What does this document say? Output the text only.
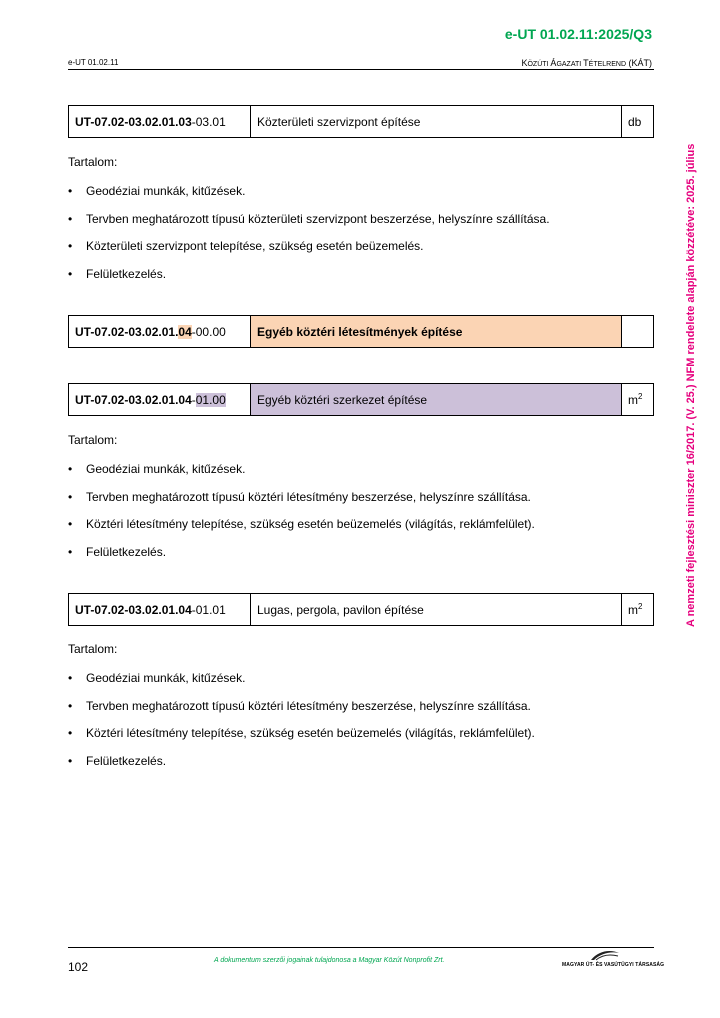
e-UT 01.02.11:2025/Q3
e-UT 01.02.11	KÖZÚTI ÁGAZATI TÉTELREND (KÁT)
A nemzeti fejlesztési miniszter 16/2017. (V. 25.) NFM rendelete alapján közzétéve: 2025. július
UT-07.02-03.02.01.03-03.01	Közterületi szervizpont építése	db

Tartalom:

• Geodéziai munkák, kitűzések.
• Tervben meghatározott típusú közterületi szervizpont beszerzése, helyszínre szállítása.
• Közterületi szervizpont telepítése, szükség esetén beüzemelés.
• Felületkezelés.
UT-07.02-03.02.01.04-00.00	Egyéb köztéri létesítmények építése	
UT-07.02-03.02.01.04-01.00	Egyéb köztéri szerkezet építése	$m^2$

Tartalom:

• Geodéziai munkák, kitűzések.
• Tervben meghatározott típusú köztéri létesítmény beszerzése, helyszínre szállítása.
• Köztéri létesítmény telepítése, szükség esetén beüzemelés (világítás, reklámfelület).
• Felületkezelés.
UT-07.02-03.02.01.04-01.01	Lugas, pergola, pavilon építése	$m^2$

Tartalom:

• Geodéziai munkák, kitűzések.
• Tervben meghatározott típusú köztéri létesítmény beszerzése, helyszínre szállítása.
• Köztéri létesítmény telepítése, szükség esetén beüzemelés (világítás, reklámfelület).
• Felületkezelés.
102	A dokumentum szerzői jogainak tulajdonosa a Magyar Közút Nonprofit Zrt.
MAGYAR ÚT- ÉS VASÚTÜGYI TÁRSASÁG
